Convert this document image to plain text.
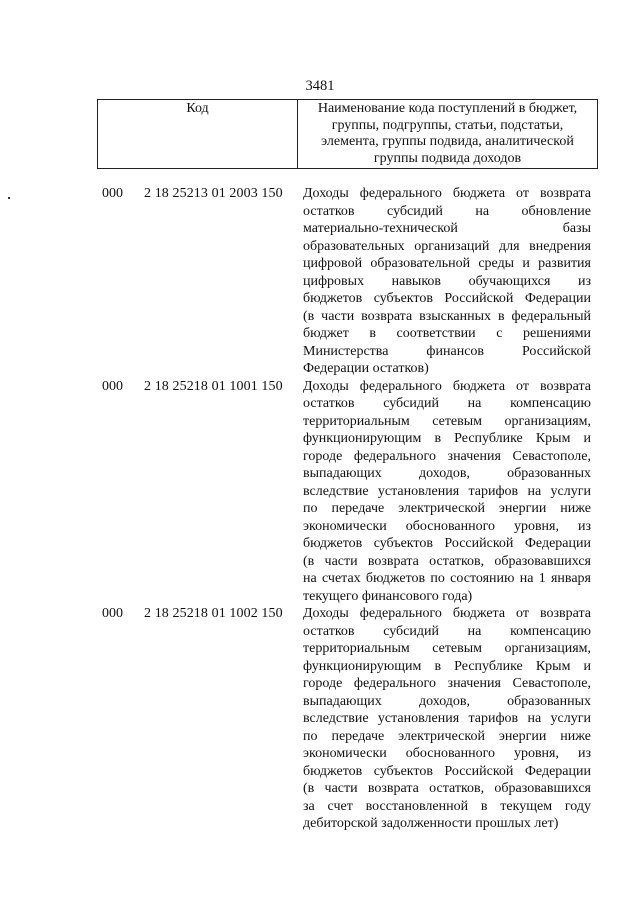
3481
Код	Наименование кода поступлений в бюджет,
группы, подгруппы, статьи, подстатьи,
элемента, группы подвида, аналитической
группы подвида доходов
000 2 18 25213 01 2003 150 Доходы федерального бюджета от возврата
остатков субсидий на обновление
материально-технической базы
образовательных организаций для внедрения
цифровой образовательной среды и развития
цифровых навыков обучающихся из
бюджетов субъектов Российской Федерации
(в части возврата взысканных в федеральный
бюджет в соответствии с решениями
Министерства финансов Российской
Федерации остатков)
000 2 18 25218 01 1001 150 Доходы федерального бюджета от возврата
остатков субсидий на компенсацию
территориальным сетевым организациям,
функционирующим в Республике Крым и
городе федерального значения Севастополе,
выпадающих доходов, образованных
вследствие установления тарифов на услуги
по передаче электрической энергии ниже
экономически обоснованного уровня, из
бюджетов субъектов Российской Федерации
(в части возврата остатков, образовавшихся
на счетах бюджетов по состоянию на 1 января
текущего финансового года)
000 2 18 25218 01 1002 150 Доходы федерального бюджета от возврата
остатков субсидий на компенсацию
территориальным сетевым организациям,
функционирующим в Республике Крым и
городе федерального значения Севастополе,
выпадающих доходов, образованных
вследствие установления тарифов на услуги
по передаче электрической энергии ниже
экономически обоснованного уровня, из
бюджетов субъектов Российской Федерации
(в части возврата остатков, образовавшихся
за счет восстановленной в текущем году
дебиторской задолженности прошлых лет)
